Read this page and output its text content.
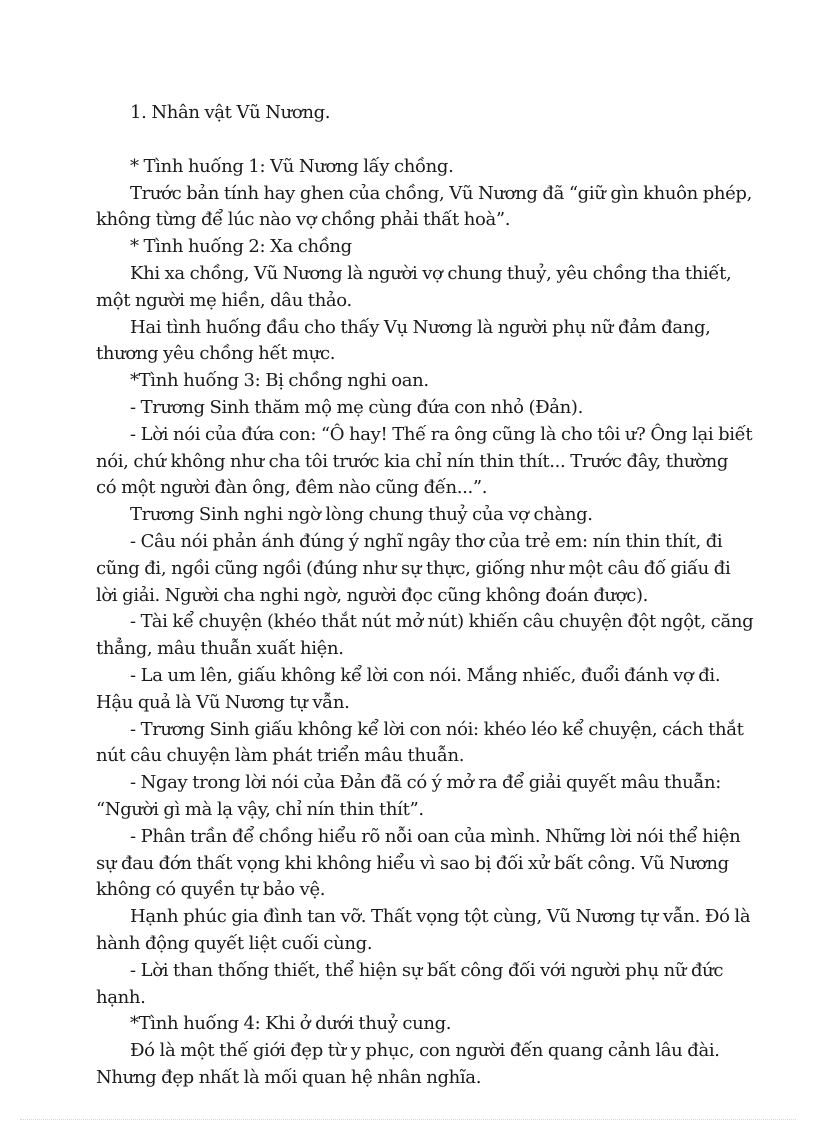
1. Nhân vật Vũ Nương.

* Tình huống 1: Vũ Nương lấy chồng.

Trước bản tính hay ghen của chồng, Vũ Nương đã “giữ gìn khuôn phép,

không từng để lúc nào vợ chồng phải thất hoà”.

* Tình huống 2: Xa chồng

Khi xa chồng, Vũ Nương là người vợ chung thuỷ, yêu chồng tha thiết,

một người mẹ hiền, dâu thảo.

Hai tình huống đầu cho thấy Vụ Nương là người phụ nữ đảm đang,

thương yêu chồng hết mực.

*Tình huống 3: Bị chồng nghi oan.

- Trương Sinh thăm mộ mẹ cùng đứa con nhỏ (Đản).

- Lời nói của đứa con: “Ô hay! Thế ra ông cũng là cho tôi ư? Ông lại biết

nói, chứ không như cha tôi trước kia chỉ nín thin thít... Trước đây, thường

có một người đàn ông, đêm nào cũng đến...”.

Trương Sinh nghi ngờ lòng chung thuỷ của vợ chàng.

- Câu nói phản ánh đúng ý nghĩ ngây thơ của trẻ em: nín thin thít, đi

cũng đi, ngồi cũng ngồi (đúng như sự thực, giống như một câu đố giấu đi

lời giải. Người cha nghi ngờ, người đọc cũng không đoán được).

- Tài kể chuyện (khéo thắt nút mở nút) khiến câu chuyện đột ngột, căng

thẳng, mâu thuẫn xuất hiện.

- La um lên, giấu không kể lời con nói. Mắng nhiếc, đuổi đánh vợ đi.

Hậu quả là Vũ Nương tự vẫn.

- Trương Sinh giấu không kể lời con nói: khéo léo kể chuyện, cách thắt

nút câu chuyện làm phát triển mâu thuẫn.

- Ngay trong lời nói của Đản đã có ý mở ra để giải quyết mâu thuẫn:

“Người gì mà lạ vậy, chỉ nín thin thít”.

- Phân trần để chồng hiểu rõ nỗi oan của mình. Những lời nói thể hiện

sự đau đớn thất vọng khi không hiểu vì sao bị đối xử bất công. Vũ Nương

không có quyền tự bảo vệ.

Hạnh phúc gia đình tan vỡ. Thất vọng tột cùng, Vũ Nương tự vẫn. Đó là

hành động quyết liệt cuối cùng.

- Lời than thống thiết, thể hiện sự bất công đối với người phụ nữ đức

hạnh.

*Tình huống 4: Khi ở dưới thuỷ cung.

Đó là một thế giới đẹp từ y phục, con người đến quang cảnh lâu đài.

Nhưng đẹp nhất là mối quan hệ nhân nghĩa.
